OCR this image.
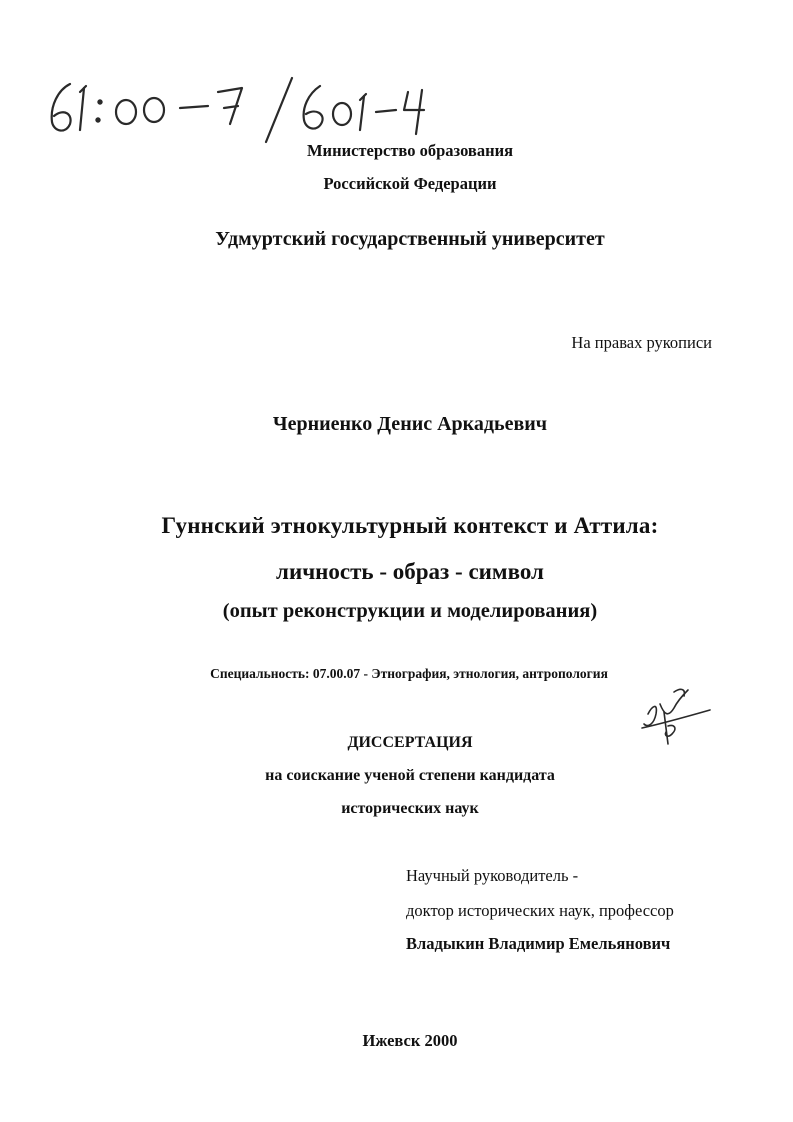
Министерство образования
Российской Федерации
Удмуртский государственный университет
На правах рукописи
Черниенко Денис Аркадьевич
Гуннский этнокультурный контекст и Аттила:
личность - образ - символ
(опыт реконструкции и моделирования)
Специальность: 07.00.07 - Этнография, этнология, антропология
ДИССЕРТАЦИЯ
на соискание ученой степени кандидата
исторических наук
Научный руководитель -
доктор исторических наук, профессор
Владыкин Владимир Емельянович
Ижевск 2000
